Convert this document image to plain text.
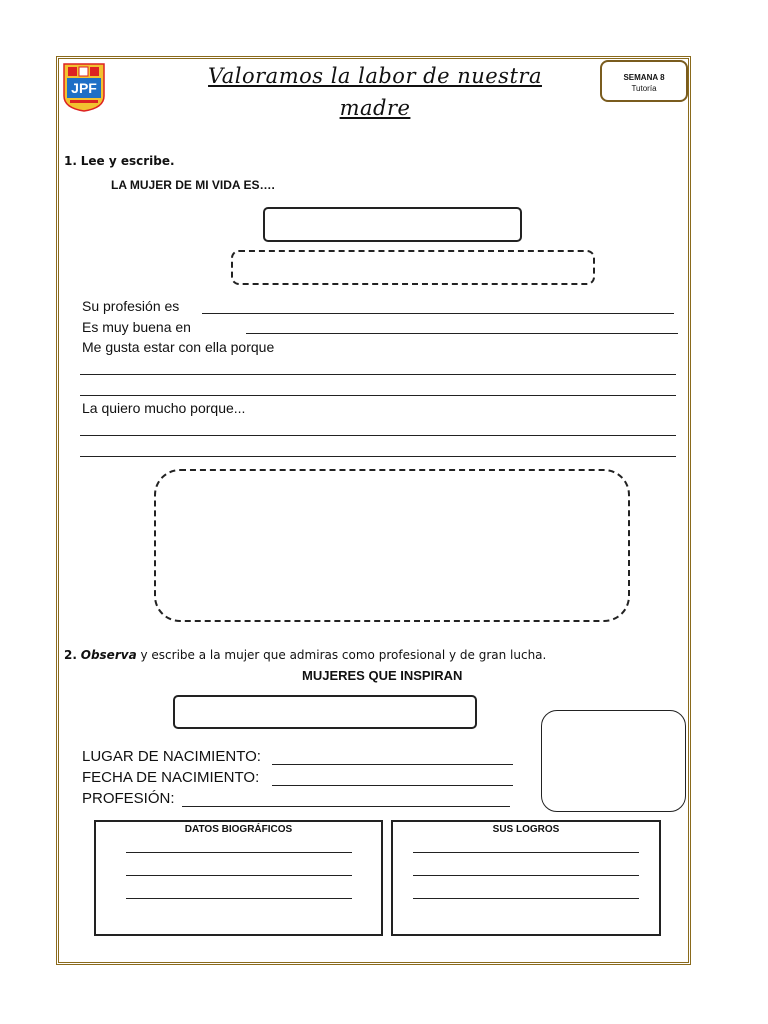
JPF	Valoramos la labor de nuestra madre
SEMANA 8
Tutoría
1. Lee y escribe.
LA MUJER DE MI VIDA ES….
Su profesión es
Es muy buena en
Me gusta estar con ella porque
La quiero mucho porque...
2. Observa y escribe a la mujer que admiras como profesional y de gran lucha.
MUJERES QUE INSPIRAN
LUGAR DE NACIMIENTO:
FECHA DE NACIMIENTO:
PROFESIÓN:
DATOS BIOGRÁFICOS	SUS LOGROS
